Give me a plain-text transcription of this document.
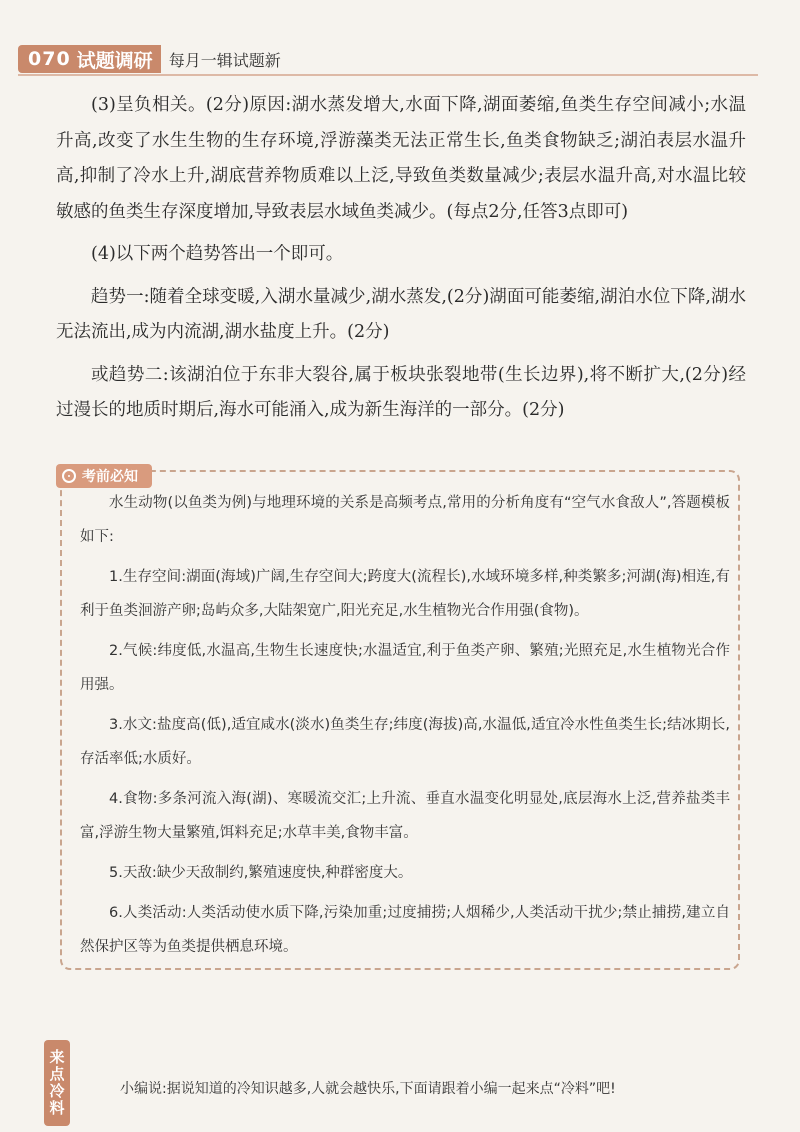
070 试题调研 每月一辑试题新

(3)呈负相关。(2分)原因:湖水蒸发增大,水面下降,湖面萎缩,鱼类生存空间减小;水温升高,改变了水生生物的生存环境,浮游藻类无法正常生长,鱼类食物缺乏;湖泊表层水温升高,抑制了冷水上升,湖底营养物质难以上泛,导致鱼类数量减少;表层水温升高,对水温比较敏感的鱼类生存深度增加,导致表层水域鱼类减少。(每点2分,任答3点即可)

(4)以下两个趋势答出一个即可。

趋势一:随着全球变暖,入湖水量减少,湖水蒸发,(2分)湖面可能萎缩,湖泊水位下降,湖水无法流出,成为内流湖,湖水盐度上升。(2分)

或趋势二:该湖泊位于东非大裂谷,属于板块张裂地带(生长边界),将不断扩大,(2分)经过漫长的地质时期后,海水可能涌入,成为新生海洋的一部分。(2分)

考前必知

水生动物(以鱼类为例)与地理环境的关系是高频考点,常用的分析角度有“空气水食敌人”,答题模板如下:

1.生存空间:湖面(海域)广阔,生存空间大;跨度大(流程长),水域环境多样,种类繁多;河湖(海)相连,有利于鱼类洄游产卵;岛屿众多,大陆架宽广,阳光充足,水生植物光合作用强(食物)。

2.气候:纬度低,水温高,生物生长速度快;水温适宜,利于鱼类产卵、繁殖;光照充足,水生植物光合作用强。

3.水文:盐度高(低),适宜咸水(淡水)鱼类生存;纬度(海拔)高,水温低,适宜冷水性鱼类生长;结冰期长,存活率低;水质好。

4.食物:多条河流入海(湖)、寒暖流交汇;上升流、垂直水温变化明显处,底层海水上泛,营养盐类丰富,浮游生物大量繁殖,饵料充足;水草丰美,食物丰富。

5.天敌:缺少天敌制约,繁殖速度快,种群密度大。

6.人类活动:人类活动使水质下降,污染加重;过度捕捞;人烟稀少,人类活动干扰少;禁止捕捞,建立自然保护区等为鱼类提供栖息环境。

来点冷料	小编说:据说知道的冷知识越多,人就会越快乐,下面请跟着小编一起来点“冷料”吧!
